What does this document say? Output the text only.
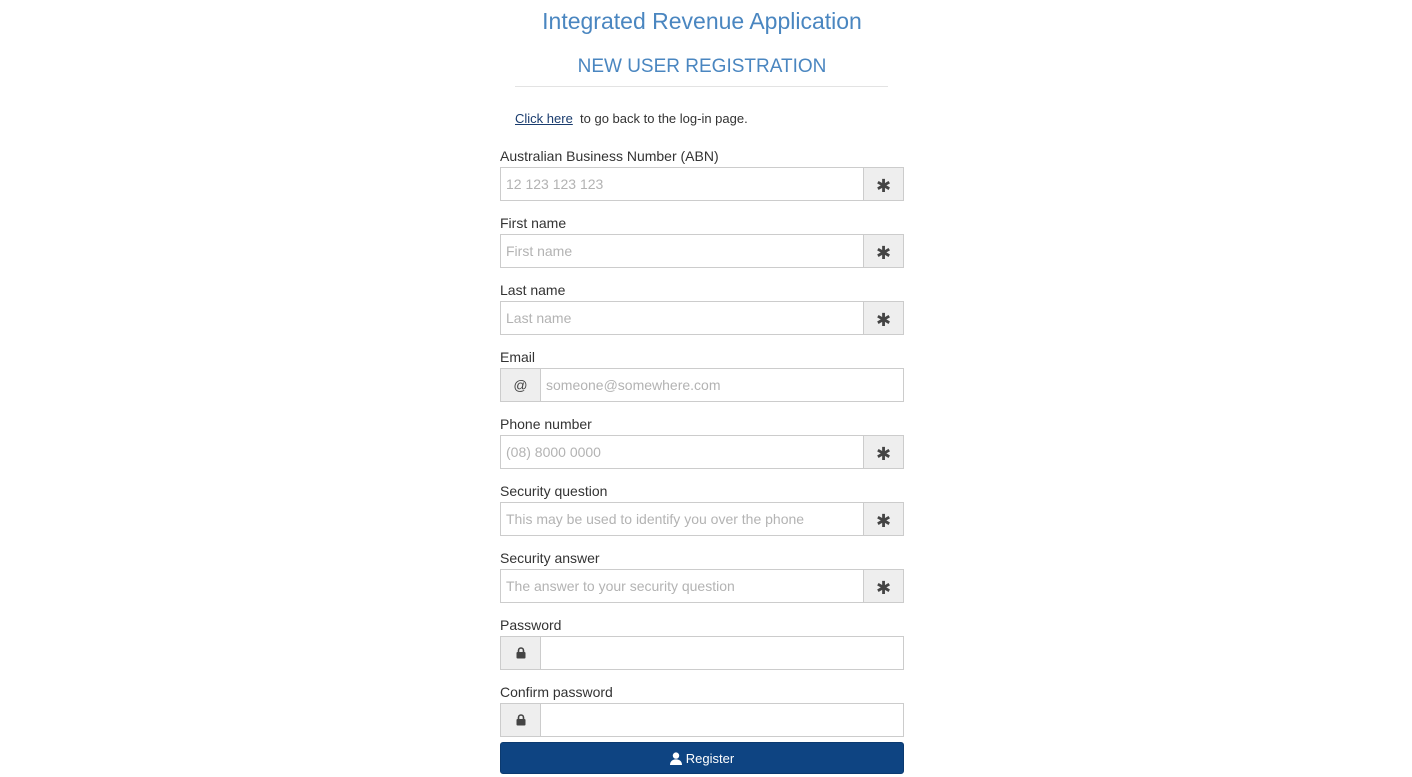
Integrated Revenue Application
NEW USER REGISTRATION
Click here to go back to the log-in page.
Australian Business Number (ABN)
12 123 123 123
✱
First name
First name
✱
Last name
Last name
✱
Email
@
someone@somewhere.com
Phone number
(08) 8000 0000
✱
Security question
This may be used to identify you over the phone
✱
Security answer
The answer to your security question
✱
Password
Confirm password
Register
